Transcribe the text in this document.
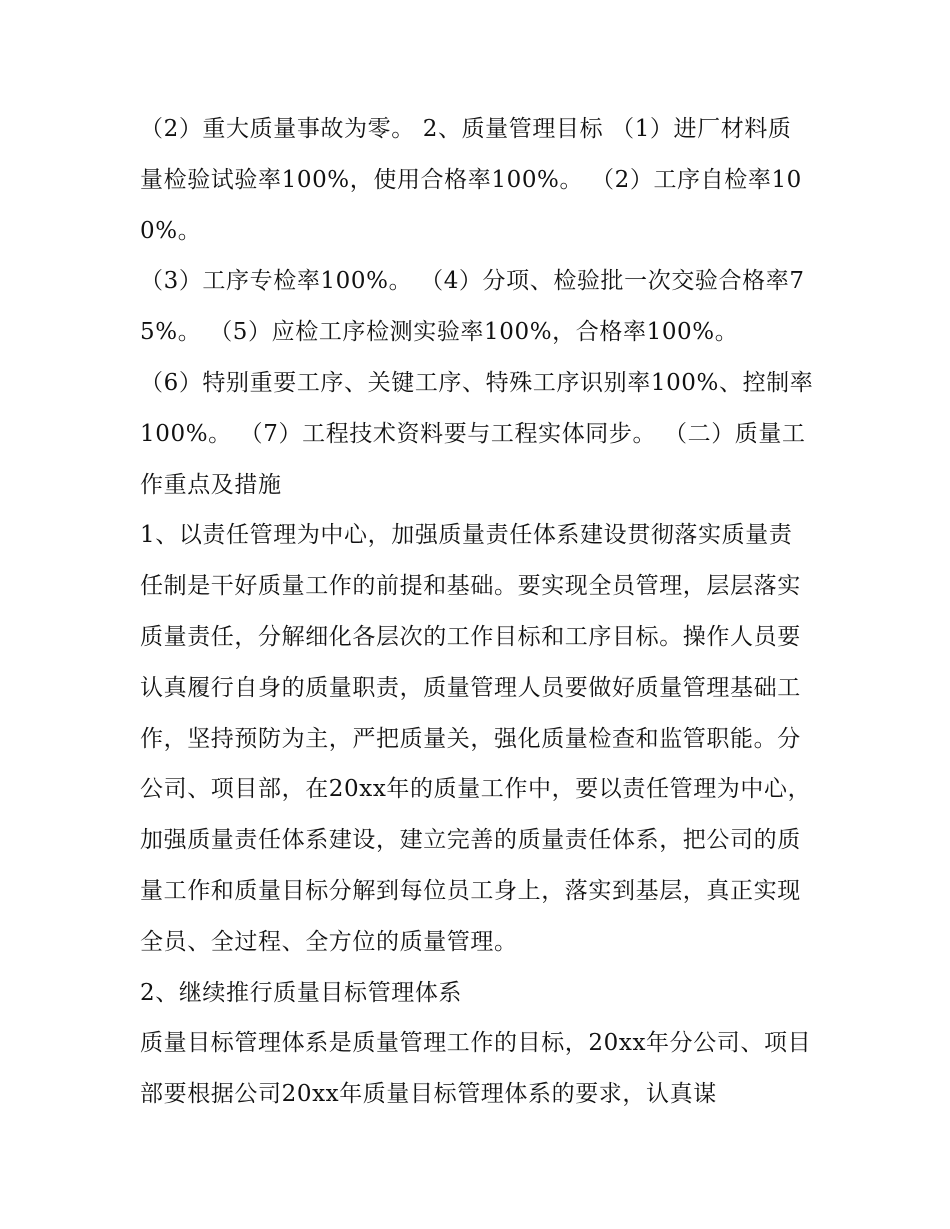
（2）重大质量事故为零。 2、质量管理目标 （1）进厂材料质量检验试验率100%，使用合格率100%。 （2）工序自检率100%。

（3）工序专检率100%。 （4）分项、检验批一次交验合格率75%。 （5）应检工序检测实验率100%，合格率100%。

（6）特别重要工序、关键工序、特殊工序识别率100%、控制率100%。 （7）工程技术资料要与工程实体同步。 （二）质量工作重点及措施

1、以责任管理为中心，加强质量责任体系建设贯彻落实质量责任制是干好质量工作的前提和基础。要实现全员管理，层层落实质量责任，分解细化各层次的工作目标和工序目标。操作人员要认真履行自身的质量职责，质量管理人员要做好质量管理基础工作，坚持预防为主，严把质量关，强化质量检查和监管职能。分公司、项目部，在20xx年的质量工作中，要以责任管理为中心，加强质量责任体系建设，建立完善的质量责任体系，把公司的质量工作和质量目标分解到每位员工身上，落实到基层，真正实现全员、全过程、全方位的质量管理。

2、继续推行质量目标管理体系

质量目标管理体系是质量管理工作的目标，20xx年分公司、项目部要根据公司20xx年质量目标管理体系的要求，认真谋
